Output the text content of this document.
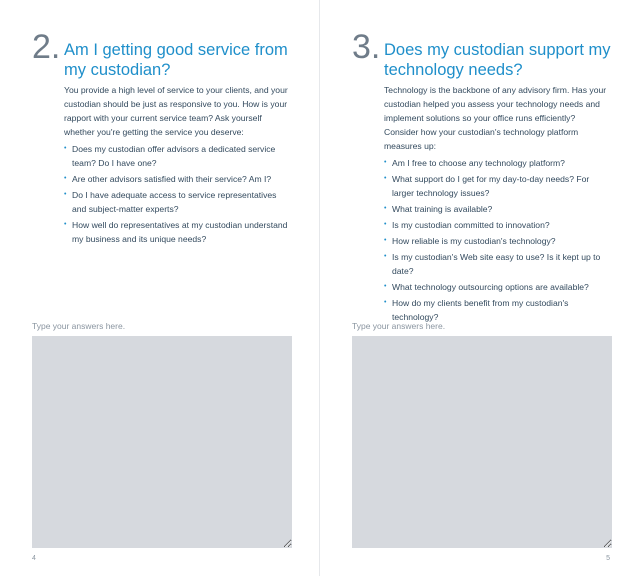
2. Am I getting good service from my custodian?

You provide a high level of service to your clients, and your custodian should be just as responsive to you. How is your rapport with your current service team? Ask yourself whether you're getting the service you deserve:

• Does my custodian offer advisors a dedicated service team? Do I have one?
• Are other advisors satisfied with their service? Am I?
• Do I have adequate access to service representatives and subject-matter experts?
• How well do representatives at my custodian understand my business and its unique needs?
Type your answers here.
4
3. Does my custodian support my technology needs?

Technology is the backbone of any advisory firm. Has your custodian helped you assess your technology needs and implement solutions so your office runs efficiently? Consider how your custodian's technology platform measures up:

• Am I free to choose any technology platform?
• What support do I get for my day-to-day needs? For larger technology issues?
• What training is available?
• Is my custodian committed to innovation?
• How reliable is my custodian's technology?
• Is my custodian's Web site easy to use? Is it kept up to date?
• What technology outsourcing options are available?
• How do my clients benefit from my custodian's technology?
Type your answers here.
5
